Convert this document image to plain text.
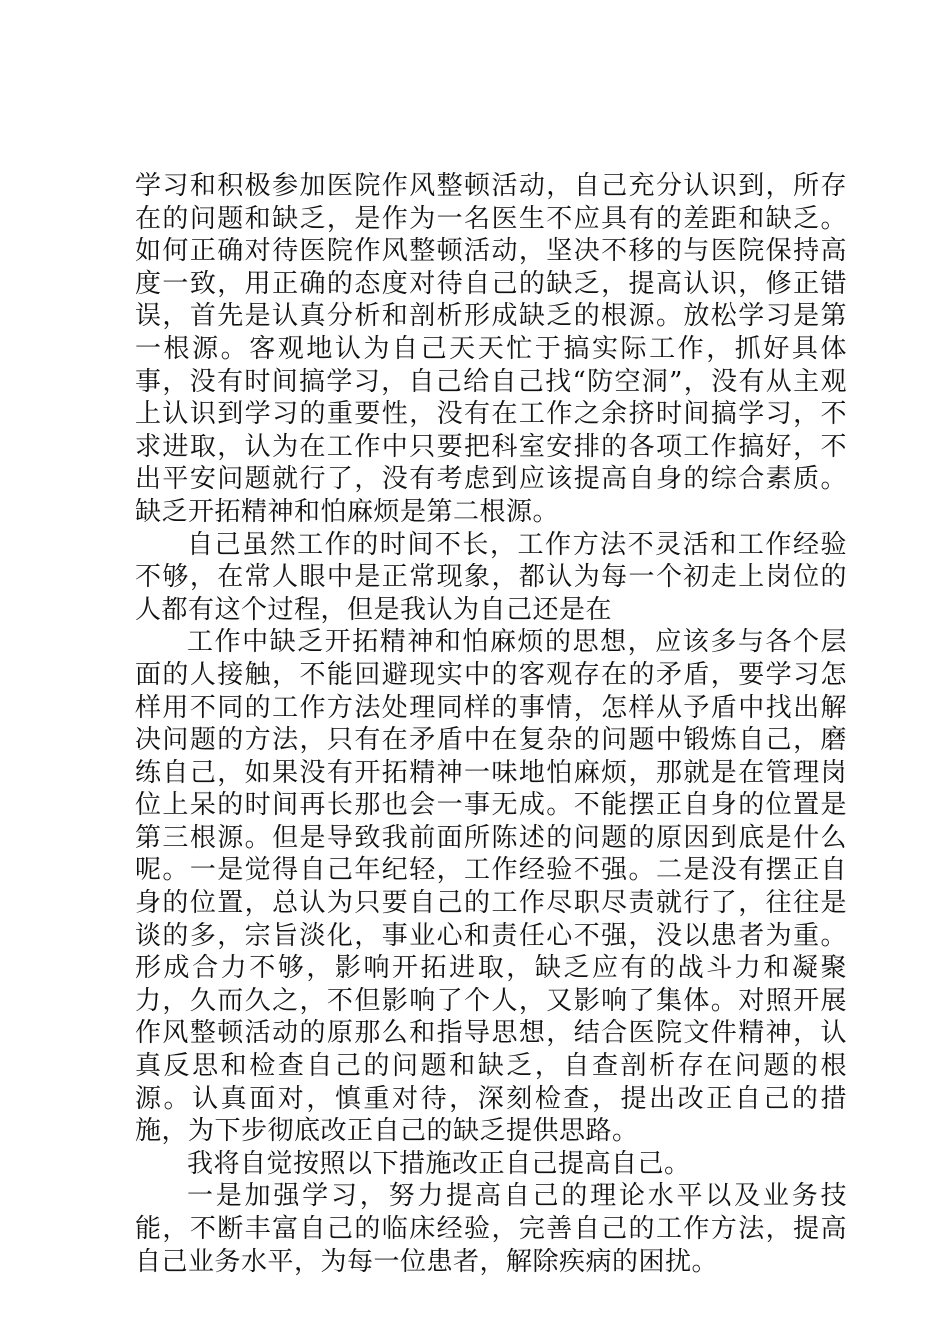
学习和积极参加医院作风整顿活动，自己充分认识到，所存在的问题和缺乏，是作为一名医生不应具有的差距和缺乏。如何正确对待医院作风整顿活动，坚决不移的与医院保持高度一致，用正确的态度对待自己的缺乏，提高认识，修正错误，首先是认真分析和剖析形成缺乏的根源。放松学习是第一根源。客观地认为自己天天忙于搞实际工作，抓好具体事，没有时间搞学习，自己给自己找“防空洞”，没有从主观上认识到学习的重要性，没有在工作之余挤时间搞学习，不求进取，认为在工作中只要把科室安排的各项工作搞好，不出平安问题就行了，没有考虑到应该提高自身的综合素质。缺乏开拓精神和怕麻烦是第二根源。

自己虽然工作的时间不长，工作方法不灵活和工作经验不够，在常人眼中是正常现象，都认为每一个初走上岗位的人都有这个过程，但是我认为自己还是在

工作中缺乏开拓精神和怕麻烦的思想，应该多与各个层面的人接触，不能回避现实中的客观存在的矛盾，要学习怎样用不同的工作方法处理同样的事情，怎样从予盾中找出解决问题的方法，只有在矛盾中在复杂的问题中锻炼自己，磨练自己，如果没有开拓精神一味地怕麻烦，那就是在管理岗位上呆的时间再长那也会一事无成。不能摆正自身的位置是第三根源。但是导致我前面所陈述的问题的原因到底是什么呢。一是觉得自己年纪轻，工作经验不强。二是没有摆正自身的位置，总认为只要自己的工作尽职尽责就行了，往往是谈的多，宗旨淡化，事业心和责任心不强，没以患者为重。形成合力不够，影响开拓进取，缺乏应有的战斗力和凝聚力，久而久之，不但影响了个人，又影响了集体。对照开展作风整顿活动的原那么和指导思想，结合医院文件精神，认真反思和检查自己的问题和缺乏，自查剖析存在问题的根源。认真面对，慎重对待，深刻检查，提出改正自己的措施，为下步彻底改正自己的缺乏提供思路。

我将自觉按照以下措施改正自己提高自己。

一是加强学习，努力提高自己的理论水平以及业务技能，不断丰富自己的临床经验，完善自己的工作方法，提高自己业务水平，为每一位患者，解除疾病的困扰。
